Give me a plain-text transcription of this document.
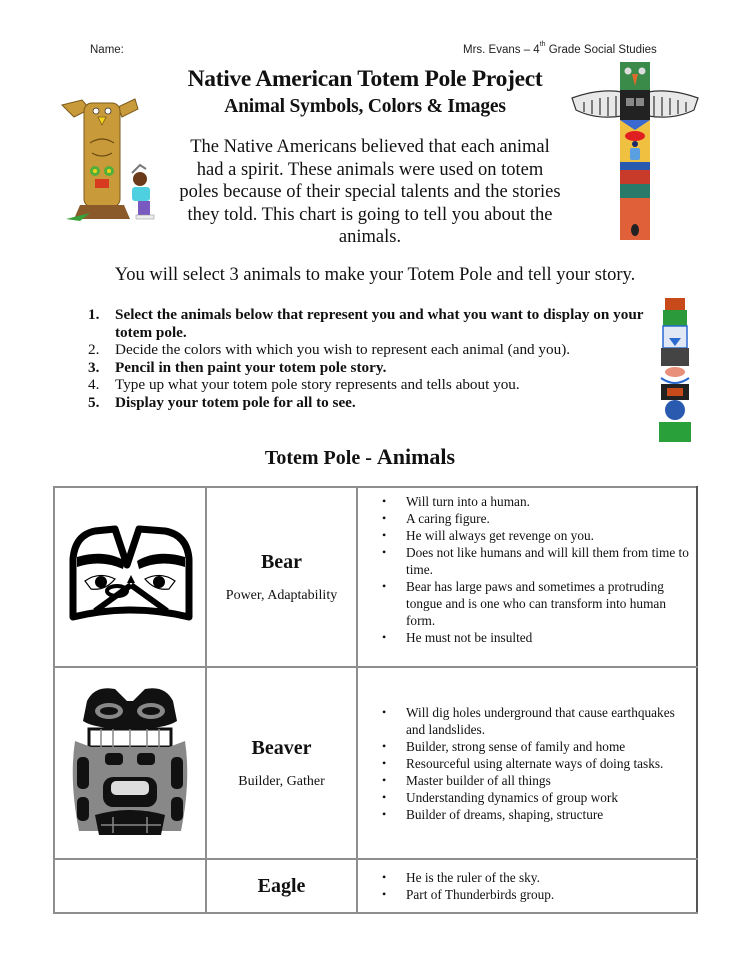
Name:	Mrs. Evans – 4th Grade Social Studies
Native American Totem Pole Project
Animal Symbols, Colors & Images
The Native Americans believed that each animal
had a spirit. These animals were used on totem
poles because of their special talents and the stories
they told. This chart is going to tell you about the
animals.
You will select 3 animals to make your Totem Pole and tell your story.
1.	Select the animals below that represent you and what you want to display on your totem pole.
2.	Decide the colors with which you wish to represent each animal (and you).
3.	Pencil in then paint your totem pole story.
4.	Type up what your totem pole story represents and tells about you.
5.	Display your totem pole for all to see.
Totem Pole - Animals

Bear
Power, Adaptability

•	Will turn into a human.
•	A caring figure.
•	He will always get revenge on you.
•	Does not like humans and will kill them from time to time.
•	Bear has large paws and sometimes a protruding tongue and is one who can transform into human form.
•	He must not be insulted

Beaver
Builder, Gather

•	Will dig holes underground that cause earthquakes and landslides.
•	Builder, strong sense of family and home
•	Resourceful using alternate ways of doing tasks.
•	Master builder of all things
•	Understanding dynamics of group work
•	Builder of dreams, shaping, structure

Eagle	•	He is the ruler of the sky.
•	Part of Thunderbirds group.
